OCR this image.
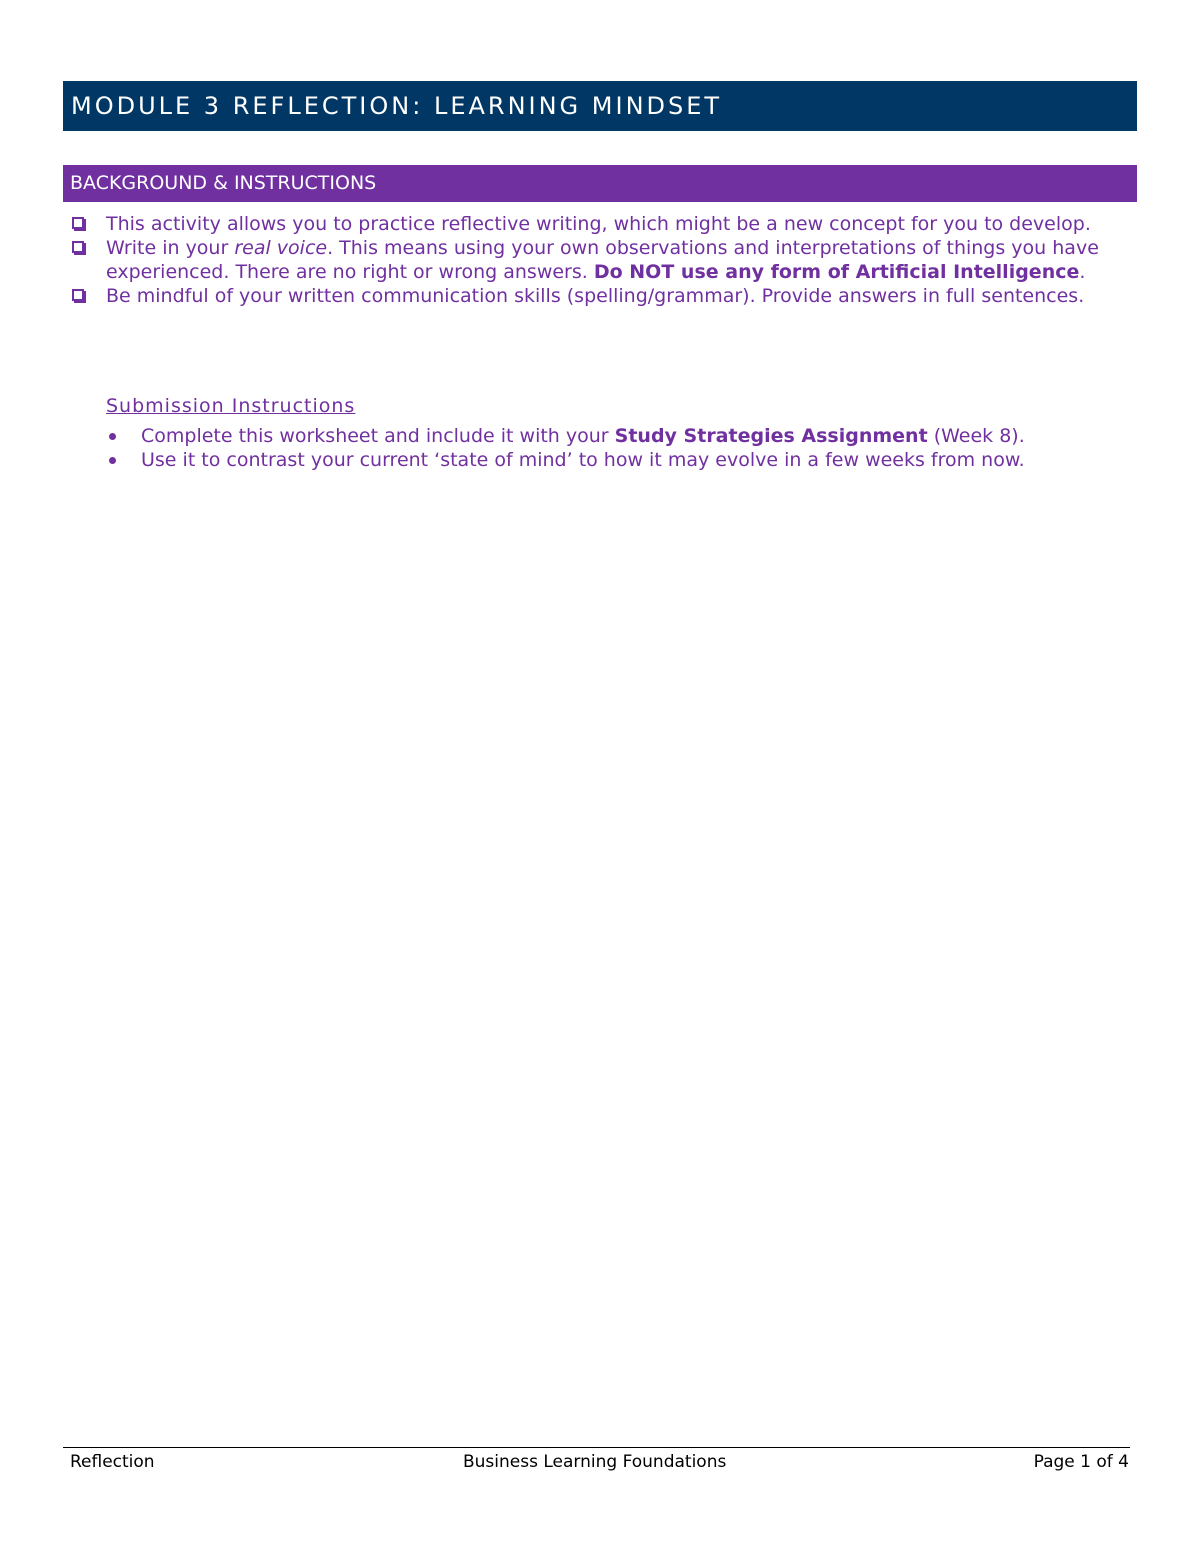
MODULE 3 REFLECTION: LEARNING MINDSET
BACKGROUND & INSTRUCTIONS
This activity allows you to practice reflective writing, which might be a new concept for you to develop.
Write in your real voice. This means using your own observations and interpretations of things you have experienced. There are no right or wrong answers. Do NOT use any form of Artificial Intelligence.
Be mindful of your written communication skills (spelling/grammar). Provide answers in full sentences.
Submission Instructions
Complete this worksheet and include it with your Study Strategies Assignment (Week 8).
Use it to contrast your current ‘state of mind’ to how it may evolve in a few weeks from now.
Reflection	Business Learning Foundations	Page 1 of 4
